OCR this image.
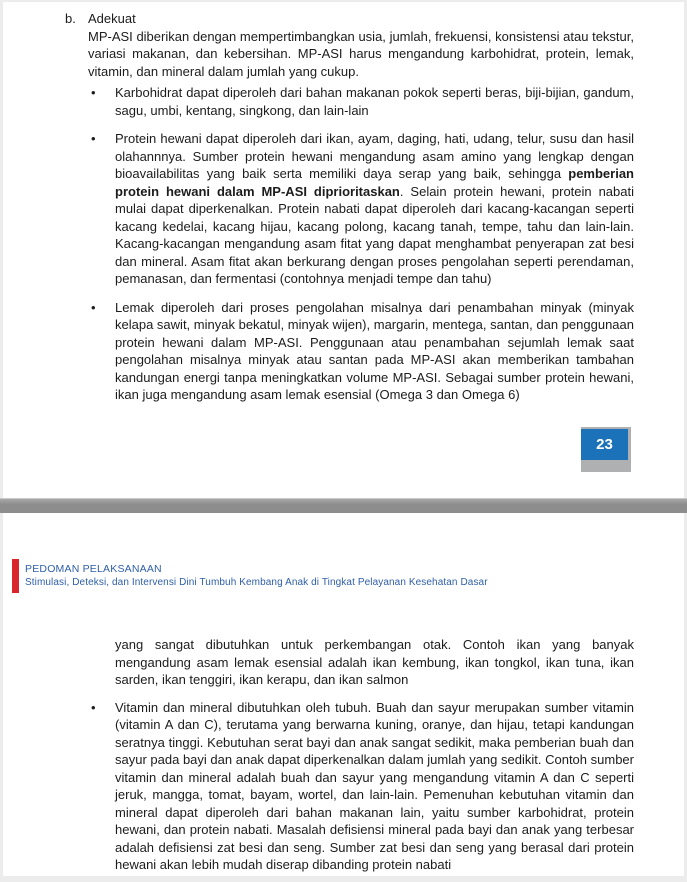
b. Adekuat

MP-ASI diberikan dengan mempertimbangkan usia, jumlah, frekuensi, konsistensi atau tekstur, variasi makanan, dan kebersihan. MP-ASI harus mengandung karbohidrat, protein, lemak, vitamin, dan mineral dalam jumlah yang cukup.

•	Karbohidrat dapat diperoleh dari bahan makanan pokok seperti beras, biji-bijian, gandum, sagu, umbi, kentang, singkong, dan lain-lain
•	Protein hewani dapat diperoleh dari ikan, ayam, daging, hati, udang, telur, susu dan hasil olahannnya. Sumber protein hewani mengandung asam amino yang lengkap dengan bioavailabilitas yang baik serta memiliki daya serap yang baik, sehingga pemberian protein hewani dalam MP-ASI diprioritaskan. Selain protein hewani, protein nabati mulai dapat diperkenalkan. Protein nabati dapat diperoleh dari kacang-kacangan seperti kacang kedelai, kacang hijau, kacang polong, kacang tanah, tempe, tahu dan lain-lain. Kacang-kacangan mengandung asam fitat yang dapat menghambat penyerapan zat besi dan mineral. Asam fitat akan berkurang dengan proses pengolahan seperti perendaman, pemanasan, dan fermentasi (contohnya menjadi tempe dan tahu)
•	Lemak diperoleh dari proses pengolahan misalnya dari penambahan minyak (minyak kelapa sawit, minyak bekatul, minyak wijen), margarin, mentega, santan, dan penggunaan protein hewani dalam MP-ASI. Penggunaan atau penambahan sejumlah lemak saat pengolahan misalnya minyak atau santan pada MP-ASI akan memberikan tambahan kandungan energi tanpa meningkatkan volume MP-ASI. Sebagai sumber protein hewani, ikan juga mengandung asam lemak esensial (Omega 3 dan Omega 6)
23
PEDOMAN PELAKSANAAN
Stimulasi, Deteksi, dan Intervensi Dini Tumbuh Kembang Anak di Tingkat Pelayanan Kesehatan Dasar

yang sangat dibutuhkan untuk perkembangan otak. Contoh ikan yang banyak mengandung asam lemak esensial adalah ikan kembung, ikan tongkol, ikan tuna, ikan sarden, ikan tenggiri, ikan kerapu, dan ikan salmon

•	Vitamin dan mineral dibutuhkan oleh tubuh. Buah dan sayur merupakan sumber vitamin (vitamin A dan C), terutama yang berwarna kuning, oranye, dan hijau, tetapi kandungan seratnya tinggi. Kebutuhan serat bayi dan anak sangat sedikit, maka pemberian buah dan sayur pada bayi dan anak dapat diperkenalkan dalam jumlah yang sedikit. Contoh sumber vitamin dan mineral adalah buah dan sayur yang mengandung vitamin A dan C seperti jeruk, mangga, tomat, bayam, wortel, dan lain-lain. Pemenuhan kebutuhan vitamin dan mineral dapat diperoleh dari bahan makanan lain, yaitu sumber karbohidrat, protein hewani, dan protein nabati. Masalah defisiensi mineral pada bayi dan anak yang terbesar adalah defisiensi zat besi dan seng. Sumber zat besi dan seng yang berasal dari protein hewani akan lebih mudah diserap dibanding protein nabati
